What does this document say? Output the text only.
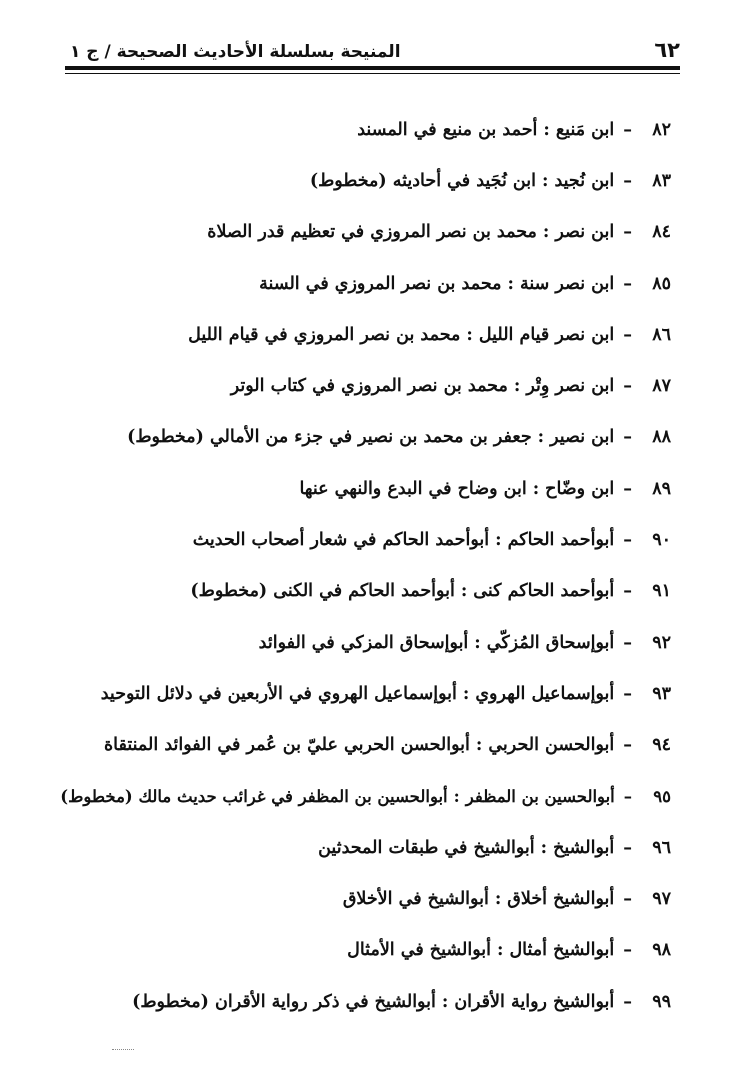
٦٢
المنيحة بسلسلة الأحاديث الصحيحة / ج ١
٨٢
–
ابن مَنيع
:
أحمد بن منيع في المسند
٨٣
–
ابن نُجيد
:
ابن نُجَيد في أحاديثه (مخطوط)
٨٤
–
ابن نصر
:
محمد بن نصر المروزي في تعظيم قدر الصلاة
٨٥
–
ابن نصر سنة
:
محمد بن نصر المروزي في السنة
٨٦
–
ابن نصر قيام الليل
:
محمد بن نصر المروزي في قيام الليل
٨٧
–
ابن نصر وِتْر
:
محمد بن نصر المروزي في كتاب الوتر
٨٨
–
ابن نصير
:
جعفر بن محمد بن نصير في جزء من الأمالي (مخطوط)
٨٩
–
ابن وضّاح
:
ابن وضاح في البدع والنهي عنها
٩٠
–
أبوأحمد الحاكم
:
أبوأحمد الحاكم في شعار أصحاب الحديث
٩١
–
أبوأحمد الحاكم كنى
:
أبوأحمد الحاكم في الكنى (مخطوط)
٩٢
–
أبوإسحاق المُزكّي
:
أبوإسحاق المزكي في الفوائد
٩٣
–
أبوإسماعيل الهروي
:
أبوإسماعيل الهروي في الأربعين في دلائل التوحيد
٩٤
–
أبوالحسن الحربي
:
أبوالحسن الحربي عليّ بن عُمر في الفوائد المنتقاة
٩٥
–
أبوالحسين بن المظفر
:
أبوالحسين بن المظفر في غرائب حديث مالك (مخطوط)
٩٦
–
أبوالشيخ
:
أبوالشيخ في طبقات المحدثين
٩٧
–
أبوالشيخ أخلاق
:
أبوالشيخ في الأخلاق
٩٨
–
أبوالشيخ أمثال
:
أبوالشيخ في الأمثال
٩٩
–
أبوالشيخ رواية الأقران
:
أبوالشيخ في ذكر رواية الأقران (مخطوط)
